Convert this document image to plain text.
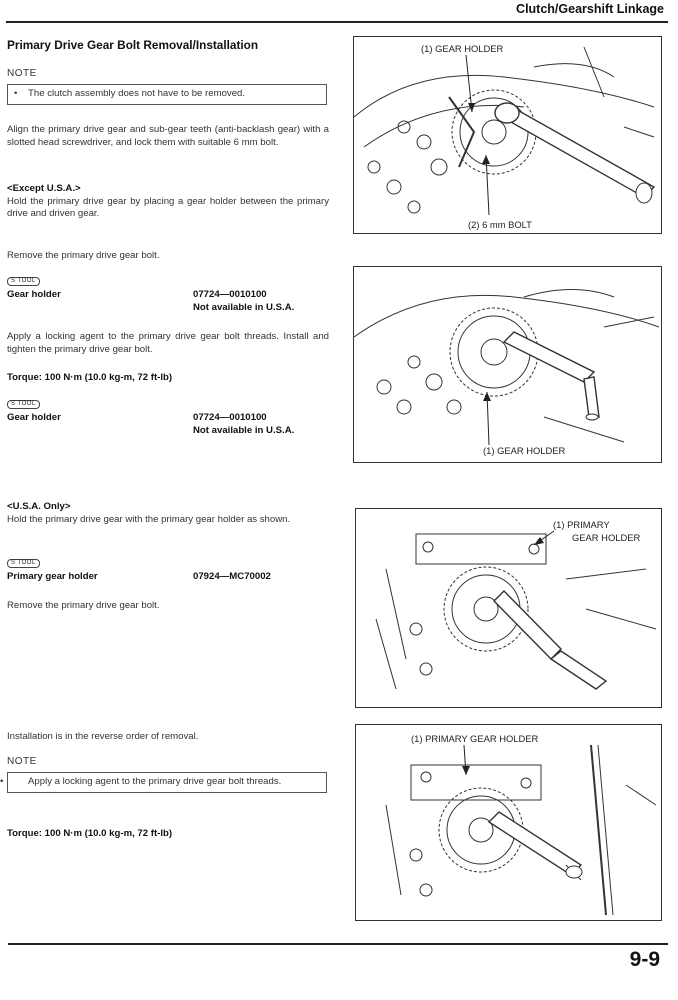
Clutch/Gearshift Linkage
Primary Drive Gear Bolt Removal/Installation
NOTE
• The clutch assembly does not have to be removed.

Align the primary drive gear and sub-gear teeth (anti-backlash gear) with a slotted head screwdriver, and lock them with suitable 6 mm bolt.

<Except U.S.A.>

Hold the primary drive gear by placing a gear holder between the primary drive and driven gear.

Remove the primary drive gear bolt.

S TOOL
Gear holder	07724—0010100
Not available in U.S.A.

Apply a locking agent to the primary drive gear bolt threads. Install and tighten the primary drive gear bolt.

Torque: 100 N·m (10.0 kg-m, 72 ft-lb)
S TOOL
Gear holder	07724—0010100
Not available in U.S.A.
<U.S.A. Only>

Hold the primary drive gear with the primary gear holder as shown.

S TOOL
Primary gear holder	07924—MC70002

Remove the primary drive gear bolt.

Installation is in the reverse order of removal.

NOTE
•	Apply a locking agent to the primary drive gear bolt threads.
Torque: 100 N·m (10.0 kg-m, 72 ft-lb)
(1) GEAR HOLDER
(2) 6 mm BOLT
(1) GEAR HOLDER
(1) PRIMARY
GEAR HOLDER
(1) PRIMARY GEAR HOLDER
9-9
